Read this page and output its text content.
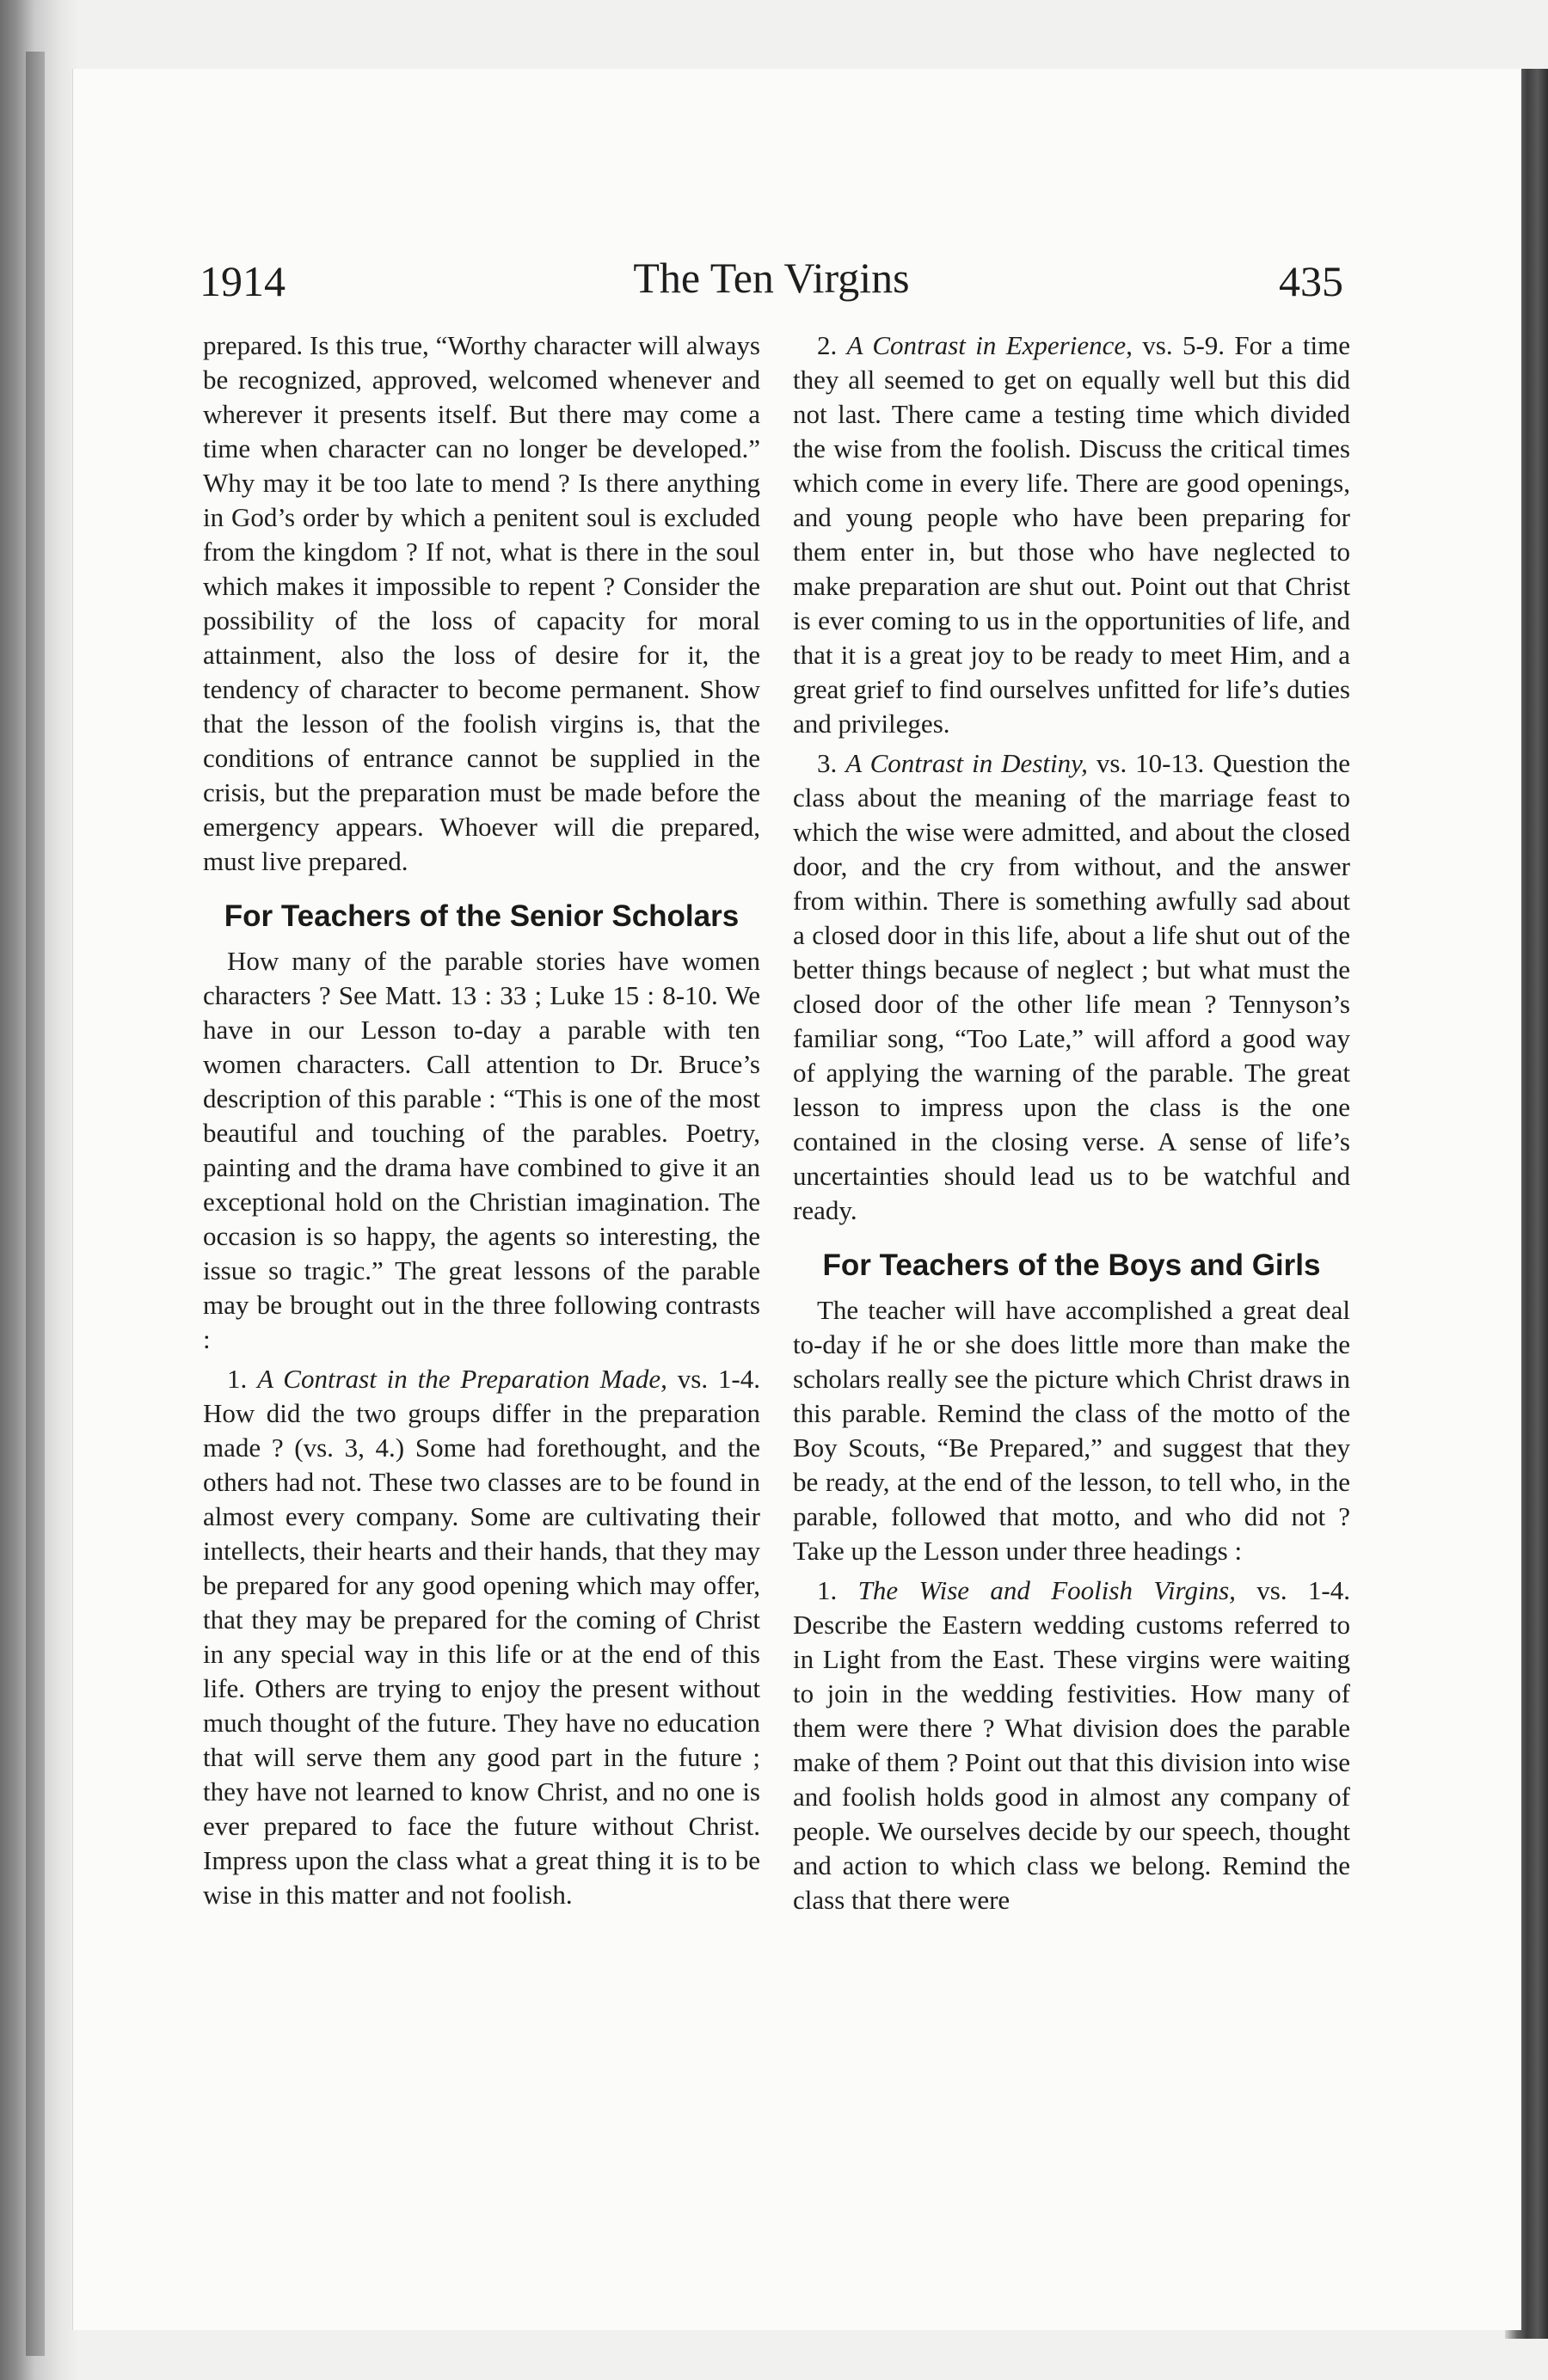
1914	The Ten Virgins	435

prepared. Is this true, “Worthy character will always be recognized, approved, welcomed whenever and wherever it presents itself. But there may come a time when character can no longer be developed.” Why may it be too late to mend ? Is there anything in God’s order by which a penitent soul is excluded from the kingdom ? If not, what is there in the soul which makes it impossible to repent ? Consider the possibility of the loss of capacity for moral attainment, also the loss of desire for it, the tendency of character to become permanent. Show that the lesson of the foolish virgins is, that the conditions of entrance cannot be supplied in the crisis, but the preparation must be made before the emergency appears. Whoever will die prepared, must live prepared.

For Teachers of the Senior Scholars

How many of the parable stories have women characters ? See Matt. 13 : 33 ; Luke 15 : 8-10. We have in our Lesson to-day a parable with ten women characters. Call attention to Dr. Bruce’s description of this parable : “This is one of the most beautiful and touching of the parables. Poetry, painting and the drama have combined to give it an exceptional hold on the Christian imagination. The occasion is so happy, the agents so interesting, the issue so tragic.” The great lessons of the parable may be brought out in the three following contrasts :

1. A Contrast in the Preparation Made, vs. 1-4. How did the two groups differ in the preparation made ? (vs. 3, 4.) Some had forethought, and the others had not. These two classes are to be found in almost every company. Some are cultivating their intellects, their hearts and their hands, that they may be prepared for any good opening which may offer, that they may be prepared for the coming of Christ in any special way in this life or at the end of this life. Others are trying to enjoy the present without much thought of the future. They have no education that will serve them any good part in the future ; they have not learned to know Christ, and no one is ever prepared to face the future without Christ. Impress upon the class what a great thing it is to be wise in this matter and not foolish.

2. A Contrast in Experience, vs. 5-9. For a time they all seemed to get on equally well but this did not last. There came a testing time which divided the wise from the foolish. Discuss the critical times which come in every life. There are good openings, and young people who have been preparing for them enter in, but those who have neglected to make preparation are shut out. Point out that Christ is ever coming to us in the opportunities of life, and that it is a great joy to be ready to meet Him, and a great grief to find ourselves unfitted for life’s duties and privileges.

3. A Contrast in Destiny, vs. 10-13. Question the class about the meaning of the marriage feast to which the wise were admitted, and about the closed door, and the cry from without, and the answer from within. There is something awfully sad about a closed door in this life, about a life shut out of the better things because of neglect ; but what must the closed door of the other life mean ? Tennyson’s familiar song, “Too Late,” will afford a good way of applying the warning of the parable. The great lesson to impress upon the class is the one contained in the closing verse. A sense of life’s uncertainties should lead us to be watchful and ready.

For Teachers of the Boys and Girls

The teacher will have accomplished a great deal to-day if he or she does little more than make the scholars really see the picture which Christ draws in this parable. Remind the class of the motto of the Boy Scouts, “Be Prepared,” and suggest that they be ready, at the end of the lesson, to tell who, in the parable, followed that motto, and who did not ? Take up the Lesson under three headings :

1. The Wise and Foolish Virgins, vs. 1-4. Describe the Eastern wedding customs referred to in Light from the East. These virgins were waiting to join in the wedding festivities. How many of them were there ? What division does the parable make of them ? Point out that this division into wise and foolish holds good in almost any company of people. We ourselves decide by our speech, thought and action to which class we belong. Remind the class that there were
